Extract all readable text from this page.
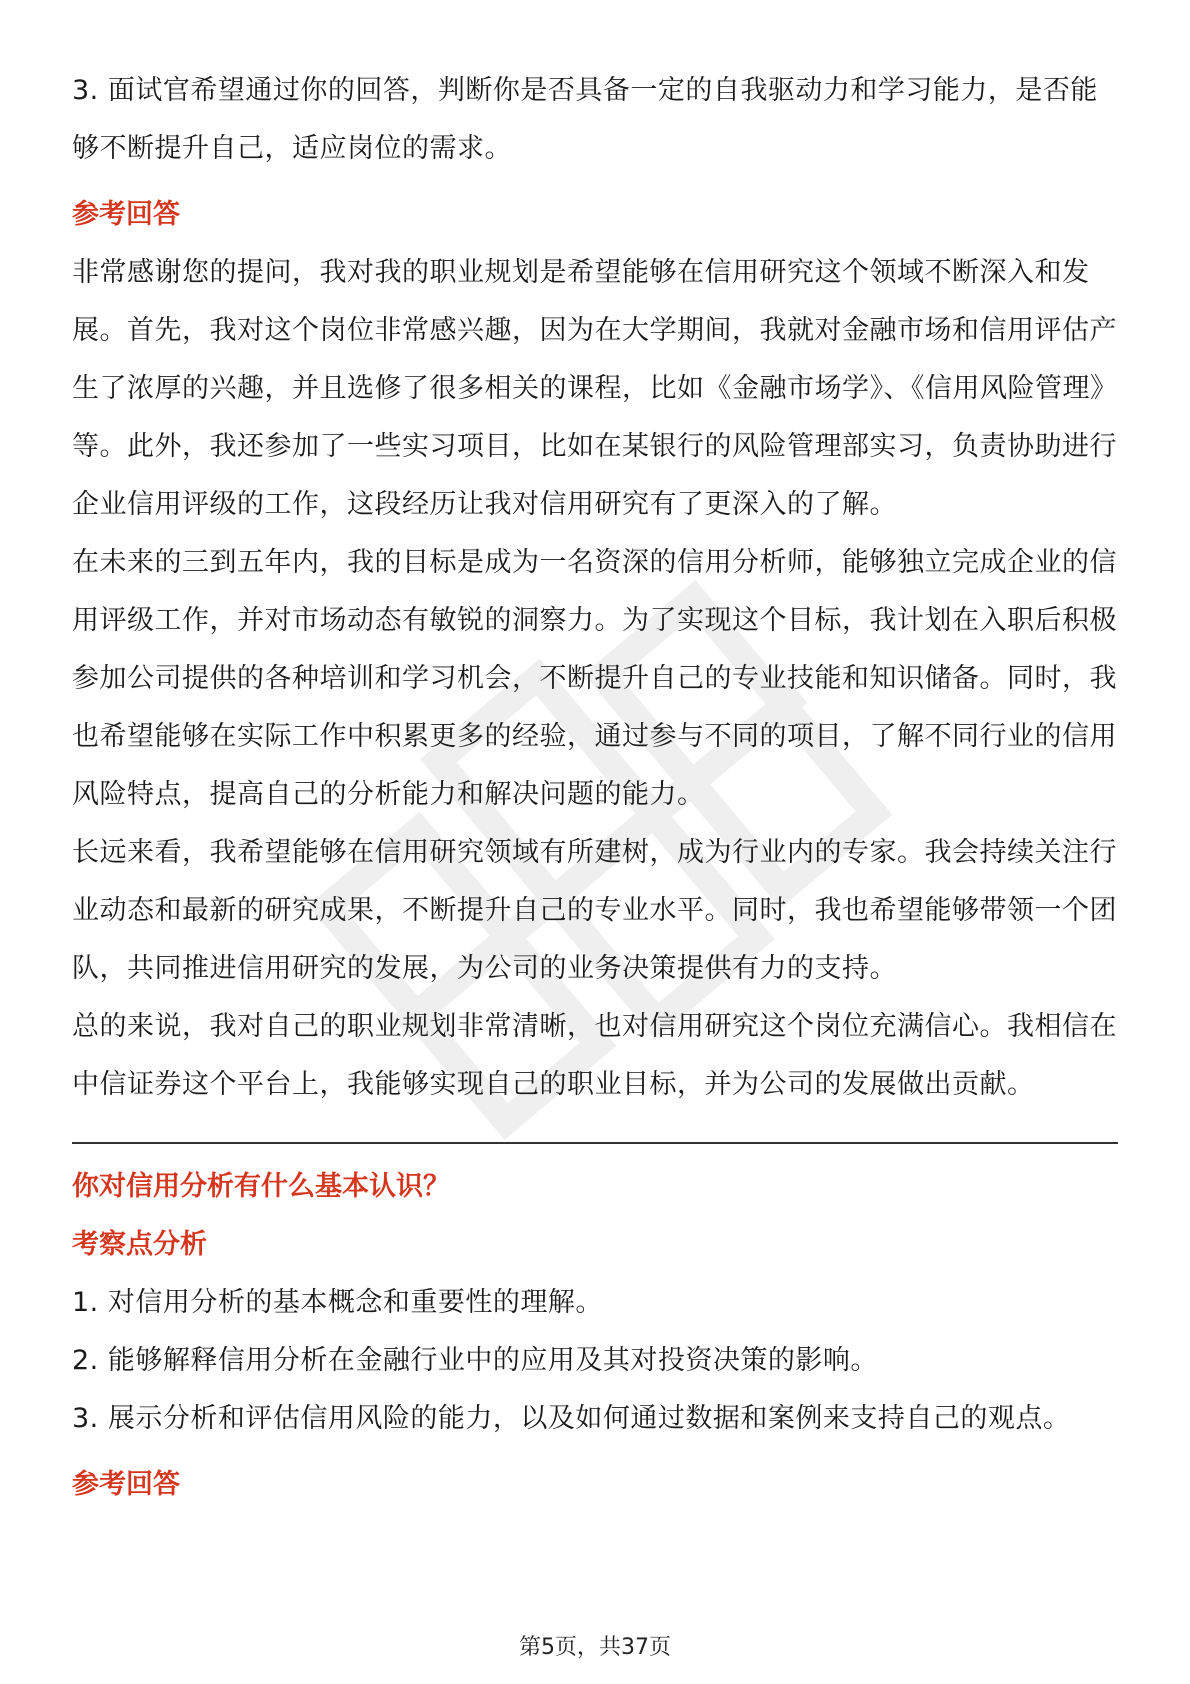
3. 面试官希望通过你的回答，判断你是否具备一定的自我驱动力和学习能力，是否能够不断提升自己，适应岗位的需求。

参考回答

非常感谢您的提问，我对我的职业规划是希望能够在信用研究这个领域不断深入和发展。首先，我对这个岗位非常感兴趣，因为在大学期间，我就对金融市场和信用评估产生了浓厚的兴趣，并且选修了很多相关的课程，比如《金融市场学》、《信用风险管理》等。此外，我还参加了一些实习项目，比如在某银行的风险管理部实习，负责协助进行企业信用评级的工作，这段经历让我对信用研究有了更深入的了解。

在未来的三到五年内，我的目标是成为一名资深的信用分析师，能够独立完成企业的信用评级工作，并对市场动态有敏锐的洞察力。为了实现这个目标，我计划在入职后积极参加公司提供的各种培训和学习机会，不断提升自己的专业技能和知识储备。同时，我也希望能够在实际工作中积累更多的经验，通过参与不同的项目，了解不同行业的信用风险特点，提高自己的分析能力和解决问题的能力。

长远来看，我希望能够在信用研究领域有所建树，成为行业内的专家。我会持续关注行业动态和最新的研究成果，不断提升自己的专业水平。同时，我也希望能够带领一个团队，共同推进信用研究的发展，为公司的业务决策提供有力的支持。

总的来说，我对自己的职业规划非常清晰，也对信用研究这个岗位充满信心。我相信在中信证券这个平台上，我能够实现自己的职业目标，并为公司的发展做出贡献。

你对信用分析有什么基本认识？

考察点分析

1. 对信用分析的基本概念和重要性的理解。

2. 能够解释信用分析在金融行业中的应用及其对投资决策的影响。

3. 展示分析和评估信用风险的能力，以及如何通过数据和案例来支持自己的观点。

参考回答

第5页，共37页
